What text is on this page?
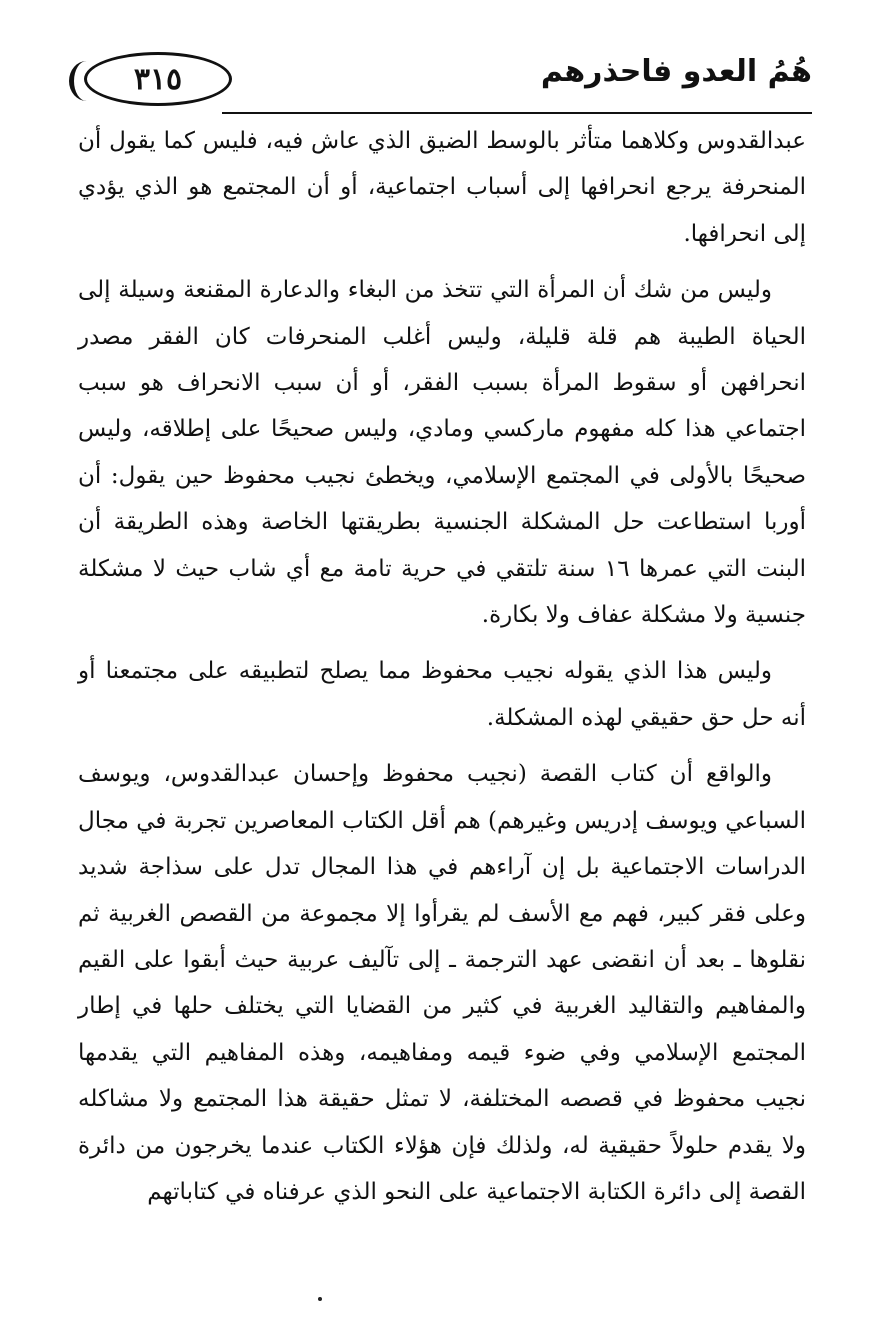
٣١٥	هُمُ العدو فاحذرهم

عبدالقدوس وكلاهما متأثر بالوسط الضيق الذي عاش فيه، فليس كما يقول أن المنحرفة يرجع انحرافها إلى أسباب اجتماعية، أو أن المجتمع هو الذي يؤدي إلى انحرافها.

وليس من شك أن المرأة التي تتخذ من البغاء والدعارة المقنعة وسيلة إلى الحياة الطيبة هم قلة قليلة، وليس أغلب المنحرفات كان الفقر مصدر انحرافهن أو سقوط المرأة بسبب الفقر، أو أن سبب الانحراف هو سبب اجتماعي هذا كله مفهوم ماركسي ومادي، وليس صحيحًا على إطلاقه، وليس صحيحًا بالأولى في المجتمع الإسلامي، ويخطئ نجيب محفوظ حين يقول: أن أوربا استطاعت حل المشكلة الجنسية بطريقتها الخاصة وهذه الطريقة أن البنت التي عمرها ١٦ سنة تلتقي في حرية تامة مع أي شاب حيث لا مشكلة جنسية ولا مشكلة عفاف ولا بكارة.

وليس هذا الذي يقوله نجيب محفوظ مما يصلح لتطبيقه على مجتمعنا أو أنه حل حق حقيقي لهذه المشكلة.

والواقع أن كتاب القصة (نجيب محفوظ وإحسان عبدالقدوس، ويوسف السباعي ويوسف إدريس وغيرهم) هم أقل الكتاب المعاصرين تجربة في مجال الدراسات الاجتماعية بل إن آراءهم في هذا المجال تدل على سذاجة شديد وعلى فقر كبير، فهم مع الأسف لم يقرأوا إلا مجموعة من القصص الغربية ثم نقلوها ـ بعد أن انقضى عهد الترجمة ـ إلى تآليف عربية حيث أبقوا على القيم والمفاهيم والتقاليد الغربية في كثير من القضايا التي يختلف حلها في إطار المجتمع الإسلامي وفي ضوء قيمه ومفاهيمه، وهذه المفاهيم التي يقدمها نجيب محفوظ في قصصه المختلفة، لا تمثل حقيقة هذا المجتمع ولا مشاكله ولا يقدم حلولاً حقيقية له، ولذلك فإن هؤلاء الكتاب عندما يخرجون من دائرة القصة إلى دائرة الكتابة الاجتماعية على النحو الذي عرفناه في كتاباتهم
